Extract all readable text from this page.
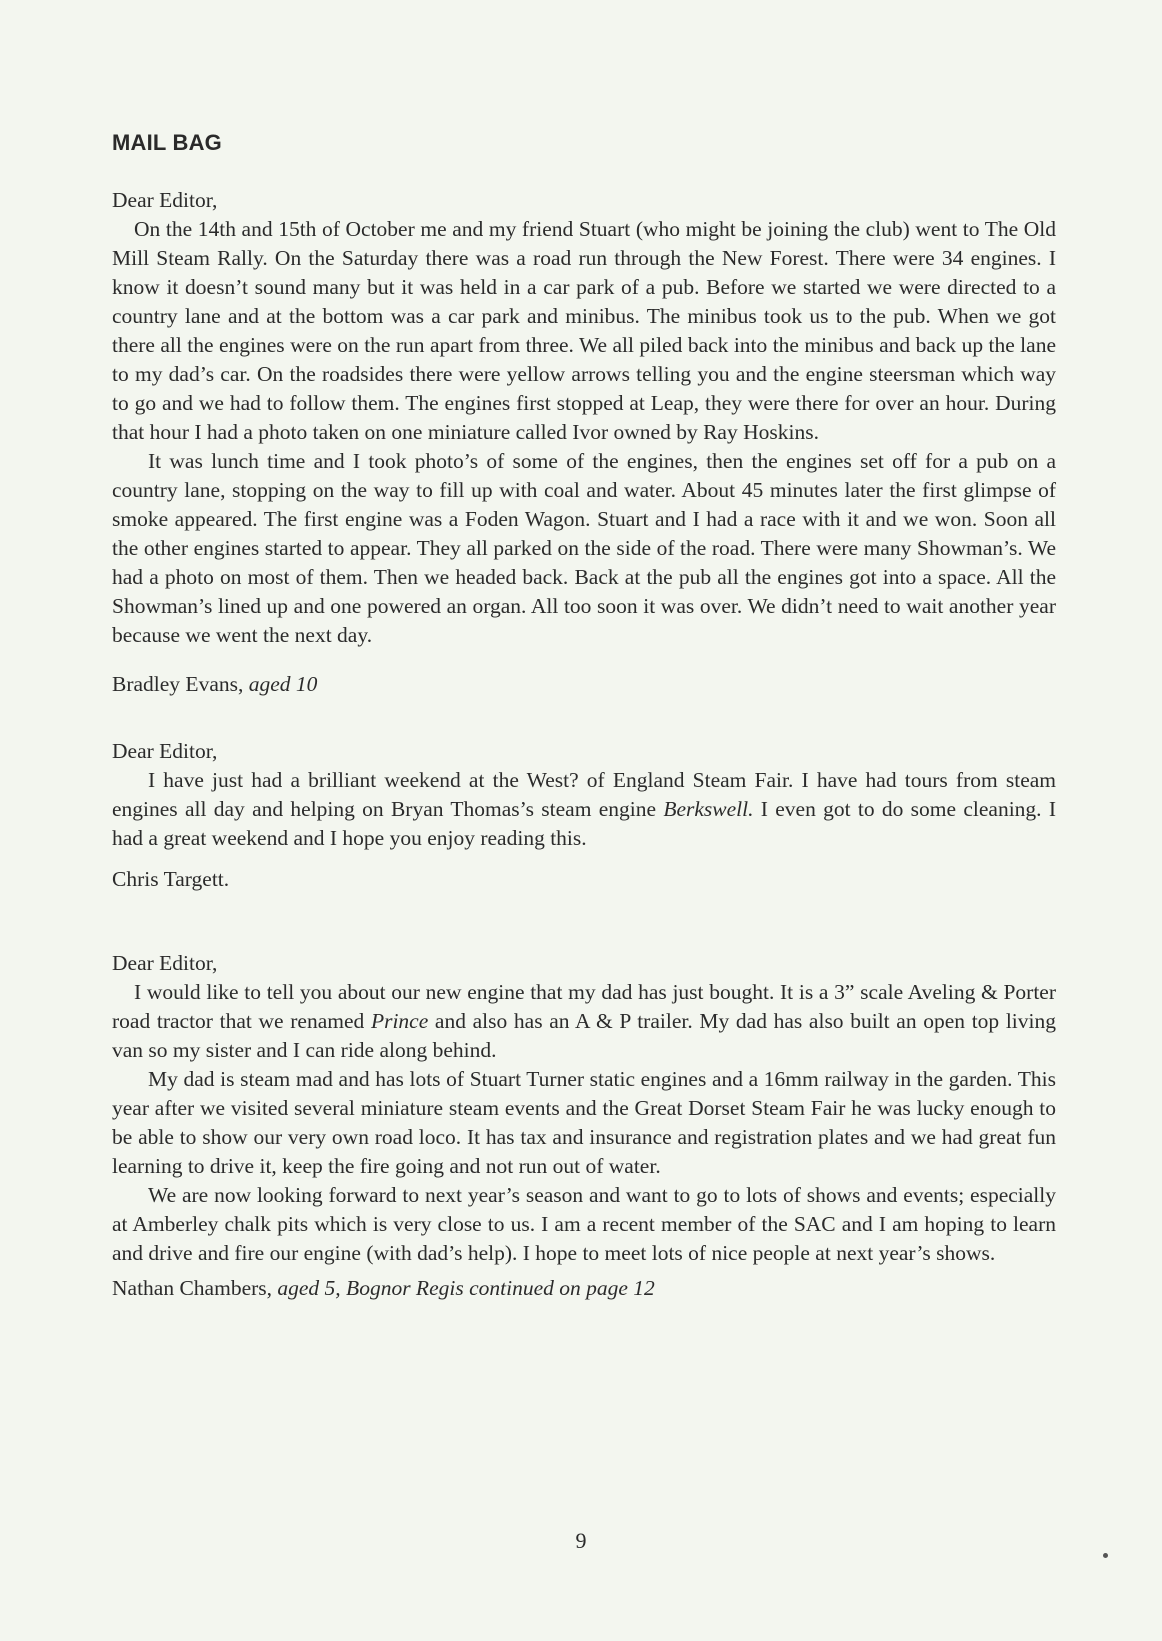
MAIL BAG

Dear Editor,

On the 14th and 15th of October me and my friend Stuart (who might be joining the club) went to The Old Mill Steam Rally. On the Saturday there was a road run through the New Forest. There were 34 engines. I know it doesn’t sound many but it was held in a car park of a pub. Before we started we were directed to a country lane and at the bottom was a car park and minibus. The minibus took us to the pub. When we got there all the engines were on the run apart from three. We all piled back into the minibus and back up the lane to my dad’s car. On the roadsides there were yellow arrows telling you and the engine steersman which way to go and we had to follow them. The engines first stopped at Leap, they were there for over an hour. During that hour I had a photo taken on one miniature called Ivor owned by Ray Hoskins.

It was lunch time and I took photo’s of some of the engines, then the engines set off for a pub on a country lane, stopping on the way to fill up with coal and water. About 45 minutes later the first glimpse of smoke appeared. The first engine was a Foden Wagon. Stuart and I had a race with it and we won. Soon all the other engines started to appear. They all parked on the side of the road. There were many Showman’s. We had a photo on most of them. Then we headed back. Back at the pub all the engines got into a space. All the Showman’s lined up and one powered an organ. All too soon it was over. We didn’t need to wait another year because we went the next day.

Bradley Evans, aged 10

Dear Editor,

I have just had a brilliant weekend at the West? of England Steam Fair. I have had tours from steam engines all day and helping on Bryan Thomas’s steam engine Berkswell. I even got to do some cleaning. I had a great weekend and I hope you enjoy reading this.

Chris Targett.

Dear Editor,

I would like to tell you about our new engine that my dad has just bought. It is a 3” scale Aveling & Porter road tractor that we renamed Prince and also has an A & P trailer. My dad has also built an open top living van so my sister and I can ride along behind.

My dad is steam mad and has lots of Stuart Turner static engines and a 16mm railway in the garden. This year after we visited several miniature steam events and the Great Dorset Steam Fair he was lucky enough to be able to show our very own road loco. It has tax and insurance and registration plates and we had great fun learning to drive it, keep the fire going and not run out of water.

We are now looking forward to next year’s season and want to go to lots of shows and events; especially at Amberley chalk pits which is very close to us. I am a recent member of the SAC and I am hoping to learn and drive and fire our engine (with dad’s help). I hope to meet lots of nice people at next year’s shows.

Nathan Chambers, aged 5, Bognor Regis continued on page 12

9
